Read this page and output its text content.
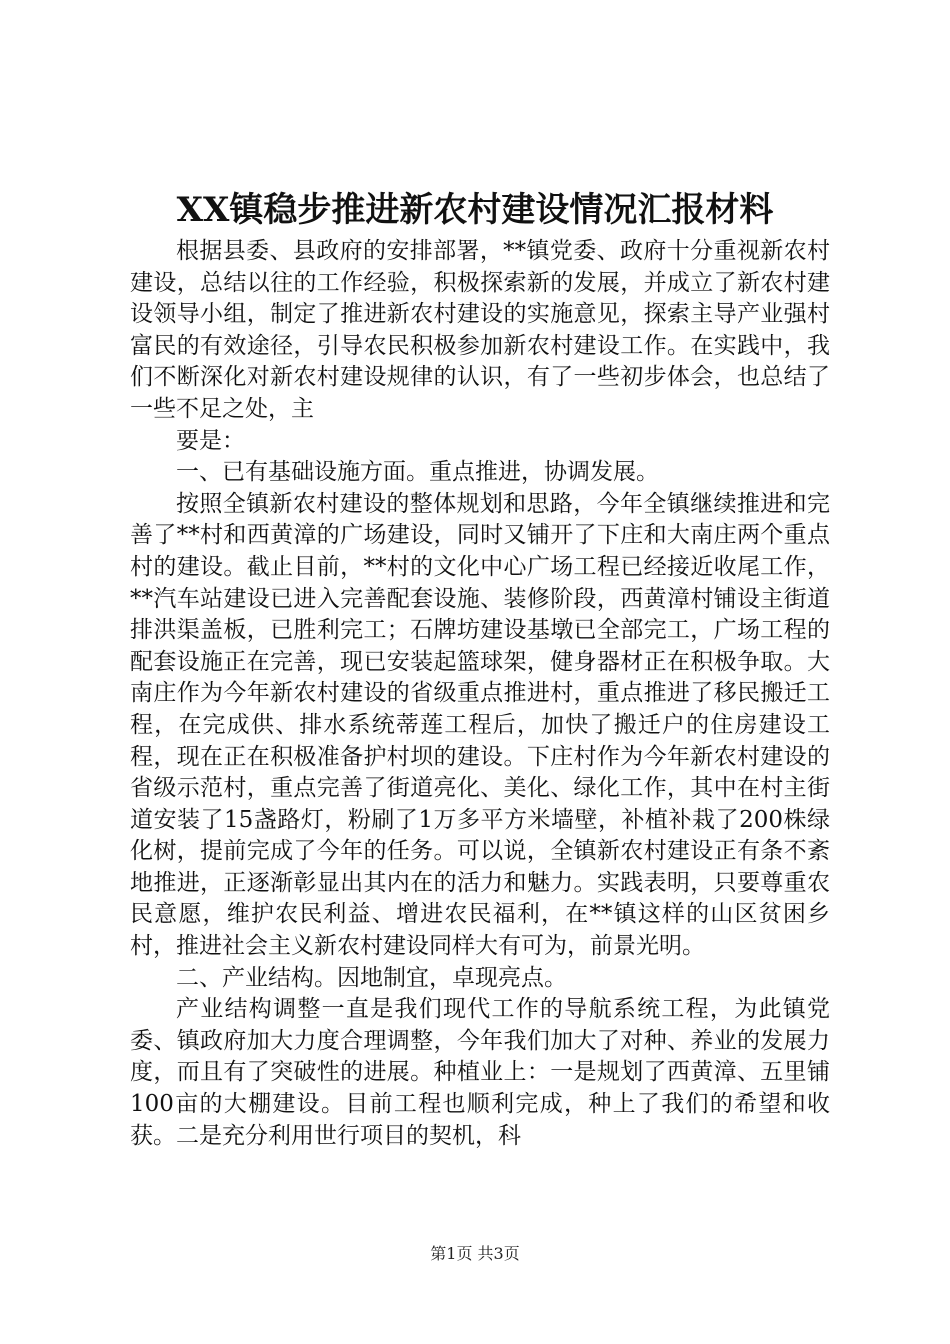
XX镇稳步推进新农村建设情况汇报材料

根据县委、县政府的安排部署，**镇党委、政府十分重视新农村建设，总结以往的工作经验，积极探索新的发展，并成立了新农村建设领导小组，制定了推进新农村建设的实施意见，探索主导产业强村富民的有效途径，引导农民积极参加新农村建设工作。在实践中，我们不断深化对新农村建设规律的认识，有了一些初步体会，也总结了一些不足之处，主

要是：

一、已有基础设施方面。重点推进，协调发展。

按照全镇新农村建设的整体规划和思路，今年全镇继续推进和完善了**村和西黄漳的广场建设，同时又铺开了下庄和大南庄两个重点村的建设。截止目前，**村的文化中心广场工程已经接近收尾工作，**汽车站建设已进入完善配套设施、装修阶段，西黄漳村铺设主街道排洪渠盖板，已胜利完工；石牌坊建设基墩已全部完工，广场工程的配套设施正在完善，现已安装起篮球架，健身器材正在积极争取。大南庄作为今年新农村建设的省级重点推进村，重点推进了移民搬迁工程，在完成供、排水系统蒂莲工程后，加快了搬迁户的住房建设工程，现在正在积极准备护村坝的建设。下庄村作为今年新农村建设的省级示范村，重点完善了街道亮化、美化、绿化工作，其中在村主街道安装了15盏路灯，粉刷了1万多平方米墙壁，补植补栽了200株绿化树，提前完成了今年的任务。可以说，全镇新农村建设正有条不紊地推进，正逐渐彰显出其内在的活力和魅力。实践表明，只要尊重农民意愿，维护农民利益、增进农民福利，在**镇这样的山区贫困乡村，推进社会主义新农村建设同样大有可为，前景光明。

二、产业结构。因地制宜，卓现亮点。

产业结构调整一直是我们现代工作的导航系统工程，为此镇党委、镇政府加大力度合理调整，今年我们加大了对种、养业的发展力度，而且有了突破性的进展。种植业上：一是规划了西黄漳、五里铺100亩的大棚建设。目前工程也顺利完成，种上了我们的希望和收获。二是充分利用世行项目的契机，科

第1页 共3页
